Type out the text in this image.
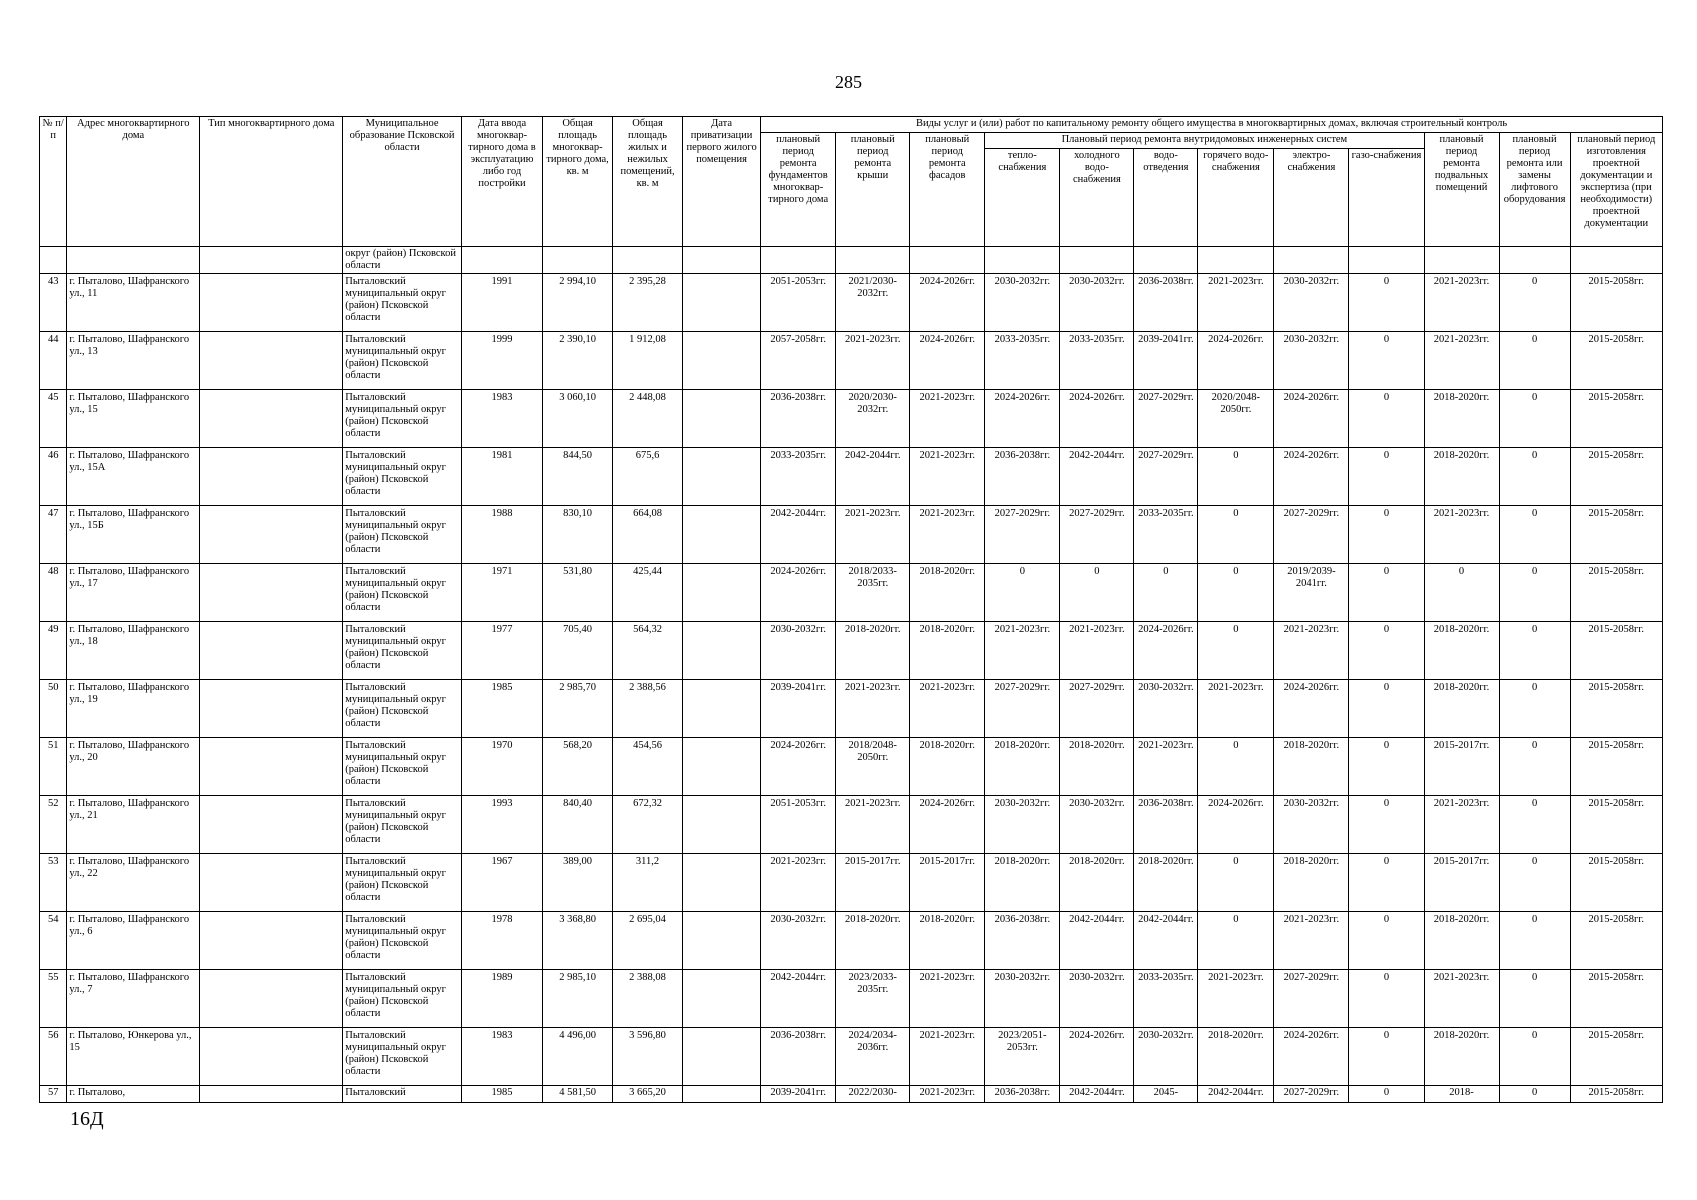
285
№ п/п	Адрес многоквартирного дома	Тип многоквартирного дома	Муниципальное образование Псковской области	Дата ввода многоквар-тирного дома в эксплуатацию либо год постройки	Общая площадь многоквар-тирного дома, кв. м	Общая площадь жилых и нежилых помещений, кв. м	Дата приватизации первого жилого помещения	Виды услуг и (или) работ по капитальному ремонту общего имущества в многоквартирных домах, включая строительный контроль											
								плановый период ремонта фундаментов многоквар-тирного дома	плановый период ремонта крыши	плановый период ремонта фасадов	Плановый период ремонта внутридомовых инженерных систем						плановый период ремонта подвальных помещений	плановый период ремонта или замены лифтового оборудования	плановый период изготовления проектной документации и экспертиза (при необходимости) проектной документации
											тепло-снабжения	холодного водо-снабжения	водо-отведения	горячего водо-снабжения	электро-снабжения	газо-снабжения			
			округ (район) Псковской области																
43	г. Пыталово, Шафранского ул., 11		Пыталовский муниципальный округ (район) Псковской области	1991	2 994,10	2 395,28		2051-2053гг.	2021/2030-2032гг.	2024-2026гг.	2030-2032гг.	2030-2032гг.	2036-2038гг.	2021-2023гг.	2030-2032гг.	0	2021-2023гг.	0	2015-2058гг.
44	г. Пыталово, Шафранского ул., 13		Пыталовский муниципальный округ (район) Псковской области	1999	2 390,10	1 912,08		2057-2058гг.	2021-2023гг.	2024-2026гг.	2033-2035гг.	2033-2035гг.	2039-2041гг.	2024-2026гг.	2030-2032гг.	0	2021-2023гг.	0	2015-2058гг.
45	г. Пыталово, Шафранского ул., 15		Пыталовский муниципальный округ (район) Псковской области	1983	3 060,10	2 448,08		2036-2038гг.	2020/2030-2032гг.	2021-2023гг.	2024-2026гг.	2024-2026гг.	2027-2029гг.	2020/2048-2050гг.	2024-2026гг.	0	2018-2020гг.	0	2015-2058гг.
46	г. Пыталово, Шафранского ул., 15А		Пыталовский муниципальный округ (район) Псковской области	1981	844,50	675,6		2033-2035гг.	2042-2044гг.	2021-2023гг.	2036-2038гг.	2042-2044гг.	2027-2029гг.	0	2024-2026гг.	0	2018-2020гг.	0	2015-2058гг.
47	г. Пыталово, Шафранского ул., 15Б		Пыталовский муниципальный округ (район) Псковской области	1988	830,10	664,08		2042-2044гг.	2021-2023гг.	2021-2023гг.	2027-2029гг.	2027-2029гг.	2033-2035гг.	0	2027-2029гг.	0	2021-2023гг.	0	2015-2058гг.
48	г. Пыталово, Шафранского ул., 17		Пыталовский муниципальный округ (район) Псковской области	1971	531,80	425,44		2024-2026гг.	2018/2033-2035гг.	2018-2020гг.	0	0	0	0	2019/2039-2041гг.	0	0	0	2015-2058гг.
49	г. Пыталово, Шафранского ул., 18		Пыталовский муниципальный округ (район) Псковской области	1977	705,40	564,32		2030-2032гг.	2018-2020гг.	2018-2020гг.	2021-2023гг.	2021-2023гг.	2024-2026гг.	0	2021-2023гг.	0	2018-2020гг.	0	2015-2058гг.
50	г. Пыталово, Шафранского ул., 19		Пыталовский муниципальный округ (район) Псковской области	1985	2 985,70	2 388,56		2039-2041гг.	2021-2023гг.	2021-2023гг.	2027-2029гг.	2027-2029гг.	2030-2032гг.	2021-2023гг.	2024-2026гг.	0	2018-2020гг.	0	2015-2058гг.
51	г. Пыталово, Шафранского ул., 20		Пыталовский муниципальный округ (район) Псковской области	1970	568,20	454,56		2024-2026гг.	2018/2048-2050гг.	2018-2020гг.	2018-2020гг.	2018-2020гг.	2021-2023гг.	0	2018-2020гг.	0	2015-2017гг.	0	2015-2058гг.
52	г. Пыталово, Шафранского ул., 21		Пыталовский муниципальный округ (район) Псковской области	1993	840,40	672,32		2051-2053гг.	2021-2023гг.	2024-2026гг.	2030-2032гг.	2030-2032гг.	2036-2038гг.	2024-2026гг.	2030-2032гг.	0	2021-2023гг.	0	2015-2058гг.
53	г. Пыталово, Шафранского ул., 22		Пыталовский муниципальный округ (район) Псковской области	1967	389,00	311,2		2021-2023гг.	2015-2017гг.	2015-2017гг.	2018-2020гг.	2018-2020гг.	2018-2020гг.	0	2018-2020гг.	0	2015-2017гг.	0	2015-2058гг.
54	г. Пыталово, Шафранского ул., 6		Пыталовский муниципальный округ (район) Псковской области	1978	3 368,80	2 695,04		2030-2032гг.	2018-2020гг.	2018-2020гг.	2036-2038гг.	2042-2044гг.	2042-2044гг.	0	2021-2023гг.	0	2018-2020гг.	0	2015-2058гг.
55	г. Пыталово, Шафранского ул., 7		Пыталовский муниципальный округ (район) Псковской области	1989	2 985,10	2 388,08		2042-2044гг.	2023/2033-2035гг.	2021-2023гг.	2030-2032гг.	2030-2032гг.	2033-2035гг.	2021-2023гг.	2027-2029гг.	0	2021-2023гг.	0	2015-2058гг.
56	г. Пыталово, Юнкерова ул., 15		Пыталовский муниципальный округ (район) Псковской области	1983	4 496,00	3 596,80		2036-2038гг.	2024/2034-2036гг.	2021-2023гг.	2023/2051-2053гг.	2024-2026гг.	2030-2032гг.	2018-2020гг.	2024-2026гг.	0	2018-2020гг.	0	2015-2058гг.
57	г. Пыталово,		Пыталовский	1985	4 581,50	3 665,20		2039-2041гг.	2022/2030-	2021-2023гг.	2036-2038гг.	2042-2044гг.	2045-	2042-2044гг.	2027-2029гг.	0	2018-	0	2015-2058гг.
16Д
